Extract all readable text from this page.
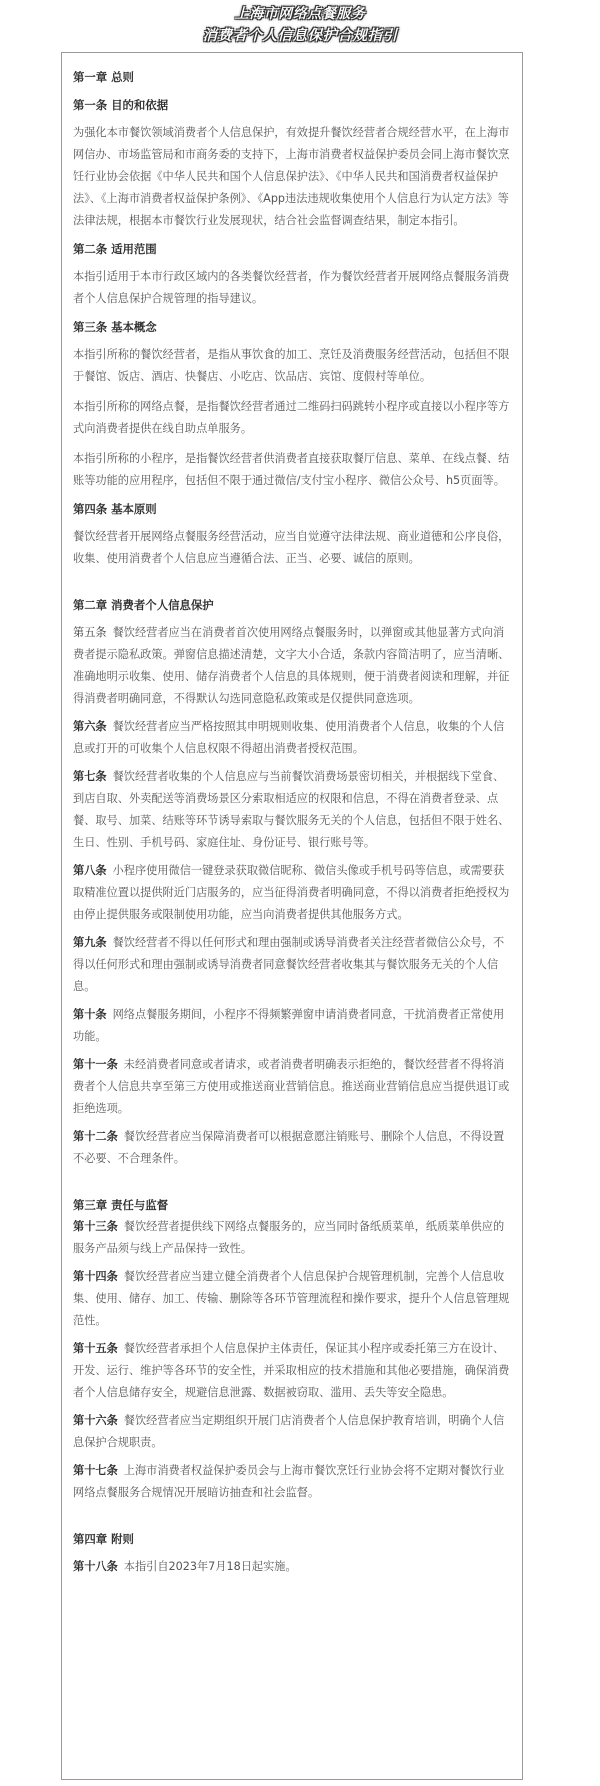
上海市网络点餐服务
消费者个人信息保护合规指引

第一章 总则

第一条 目的和依据

为强化本市餐饮领域消费者个人信息保护，有效提升餐饮经营者合规经营水平，在上海市网信办、市场监管局和市商务委的支持下，上海市消费者权益保护委员会同上海市餐饮烹饪行业协会依据《中华人民共和国个人信息保护法》、《中华人民共和国消费者权益保护法》、《上海市消费者权益保护条例》、《App违法违规收集使用个人信息行为认定方法》等法律法规，根据本市餐饮行业发展现状，结合社会监督调查结果，制定本指引。

第二条 适用范围

本指引适用于本市行政区域内的各类餐饮经营者，作为餐饮经营者开展网络点餐服务消费者个人信息保护合规管理的指导建议。

第三条 基本概念

本指引所称的餐饮经营者，是指从事饮食的加工、烹饪及消费服务经营活动，包括但不限于餐馆、饭店、酒店、快餐店、小吃店、饮品店、宾馆、度假村等单位。

本指引所称的网络点餐，是指餐饮经营者通过二维码扫码跳转小程序或直接以小程序等方式向消费者提供在线自助点单服务。

本指引所称的小程序，是指餐饮经营者供消费者直接获取餐厅信息、菜单、在线点餐、结账等功能的应用程序，包括但不限于通过微信/支付宝小程序、微信公众号、h5页面等。

第四条 基本原则

餐饮经营者开展网络点餐服务经营活动，应当自觉遵守法律法规、商业道德和公序良俗，收集、使用消费者个人信息应当遵循合法、正当、必要、诚信的原则。

第二章 消费者个人信息保护

第五条 餐饮经营者应当在消费者首次使用网络点餐服务时，以弹窗或其他显著方式向消费者提示隐私政策。弹窗信息描述清楚，文字大小合适，条款内容简洁明了，应当清晰、准确地明示收集、使用、储存消费者个人信息的具体规则，便于消费者阅读和理解，并征得消费者明确同意，不得默认勾选同意隐私政策或是仅提供同意选项。

第六条 餐饮经营者应当严格按照其申明规则收集、使用消费者个人信息，收集的个人信息或打开的可收集个人信息权限不得超出消费者授权范围。

第七条 餐饮经营者收集的个人信息应与当前餐饮消费场景密切相关，并根据线下堂食、到店自取、外卖配送等消费场景区分索取相适应的权限和信息，不得在消费者登录、点餐、取号、加菜、结账等环节诱导索取与餐饮服务无关的个人信息，包括但不限于姓名、生日、性别、手机号码、家庭住址、身份证号、银行账号等。

第八条 小程序使用微信一键登录获取微信昵称、微信头像或手机号码等信息，或需要获取精准位置以提供附近门店服务的，应当征得消费者明确同意，不得以消费者拒绝授权为由停止提供服务或限制使用功能，应当向消费者提供其他服务方式。

第九条 餐饮经营者不得以任何形式和理由强制或诱导消费者关注经营者微信公众号，不得以任何形式和理由强制或诱导消费者同意餐饮经营者收集其与餐饮服务无关的个人信息。

第十条 网络点餐服务期间，小程序不得频繁弹窗申请消费者同意，干扰消费者正常使用功能。

第十一条 未经消费者同意或者请求，或者消费者明确表示拒绝的，餐饮经营者不得将消费者个人信息共享至第三方使用或推送商业营销信息。推送商业营销信息应当提供退订或拒绝选项。

第十二条 餐饮经营者应当保障消费者可以根据意愿注销账号、删除个人信息，不得设置不必要、不合理条件。

第三章 责任与监督

第十三条 餐饮经营者提供线下网络点餐服务的，应当同时备纸质菜单，纸质菜单供应的服务产品须与线上产品保持一致性。

第十四条 餐饮经营者应当建立健全消费者个人信息保护合规管理机制，完善个人信息收集、使用、储存、加工、传输、删除等各环节管理流程和操作要求，提升个人信息管理规范性。

第十五条 餐饮经营者承担个人信息保护主体责任，保证其小程序或委托第三方在设计、开发、运行、维护等各环节的安全性，并采取相应的技术措施和其他必要措施，确保消费者个人信息储存安全，规避信息泄露、数据被窃取、滥用、丢失等安全隐患。

第十六条 餐饮经营者应当定期组织开展门店消费者个人信息保护教育培训，明确个人信息保护合规职责。

第十七条 上海市消费者权益保护委员会与上海市餐饮烹饪行业协会将不定期对餐饮行业网络点餐服务合规情况开展暗访抽查和社会监督。

第四章 附则

第十八条 本指引自2023年7月18日起实施。
